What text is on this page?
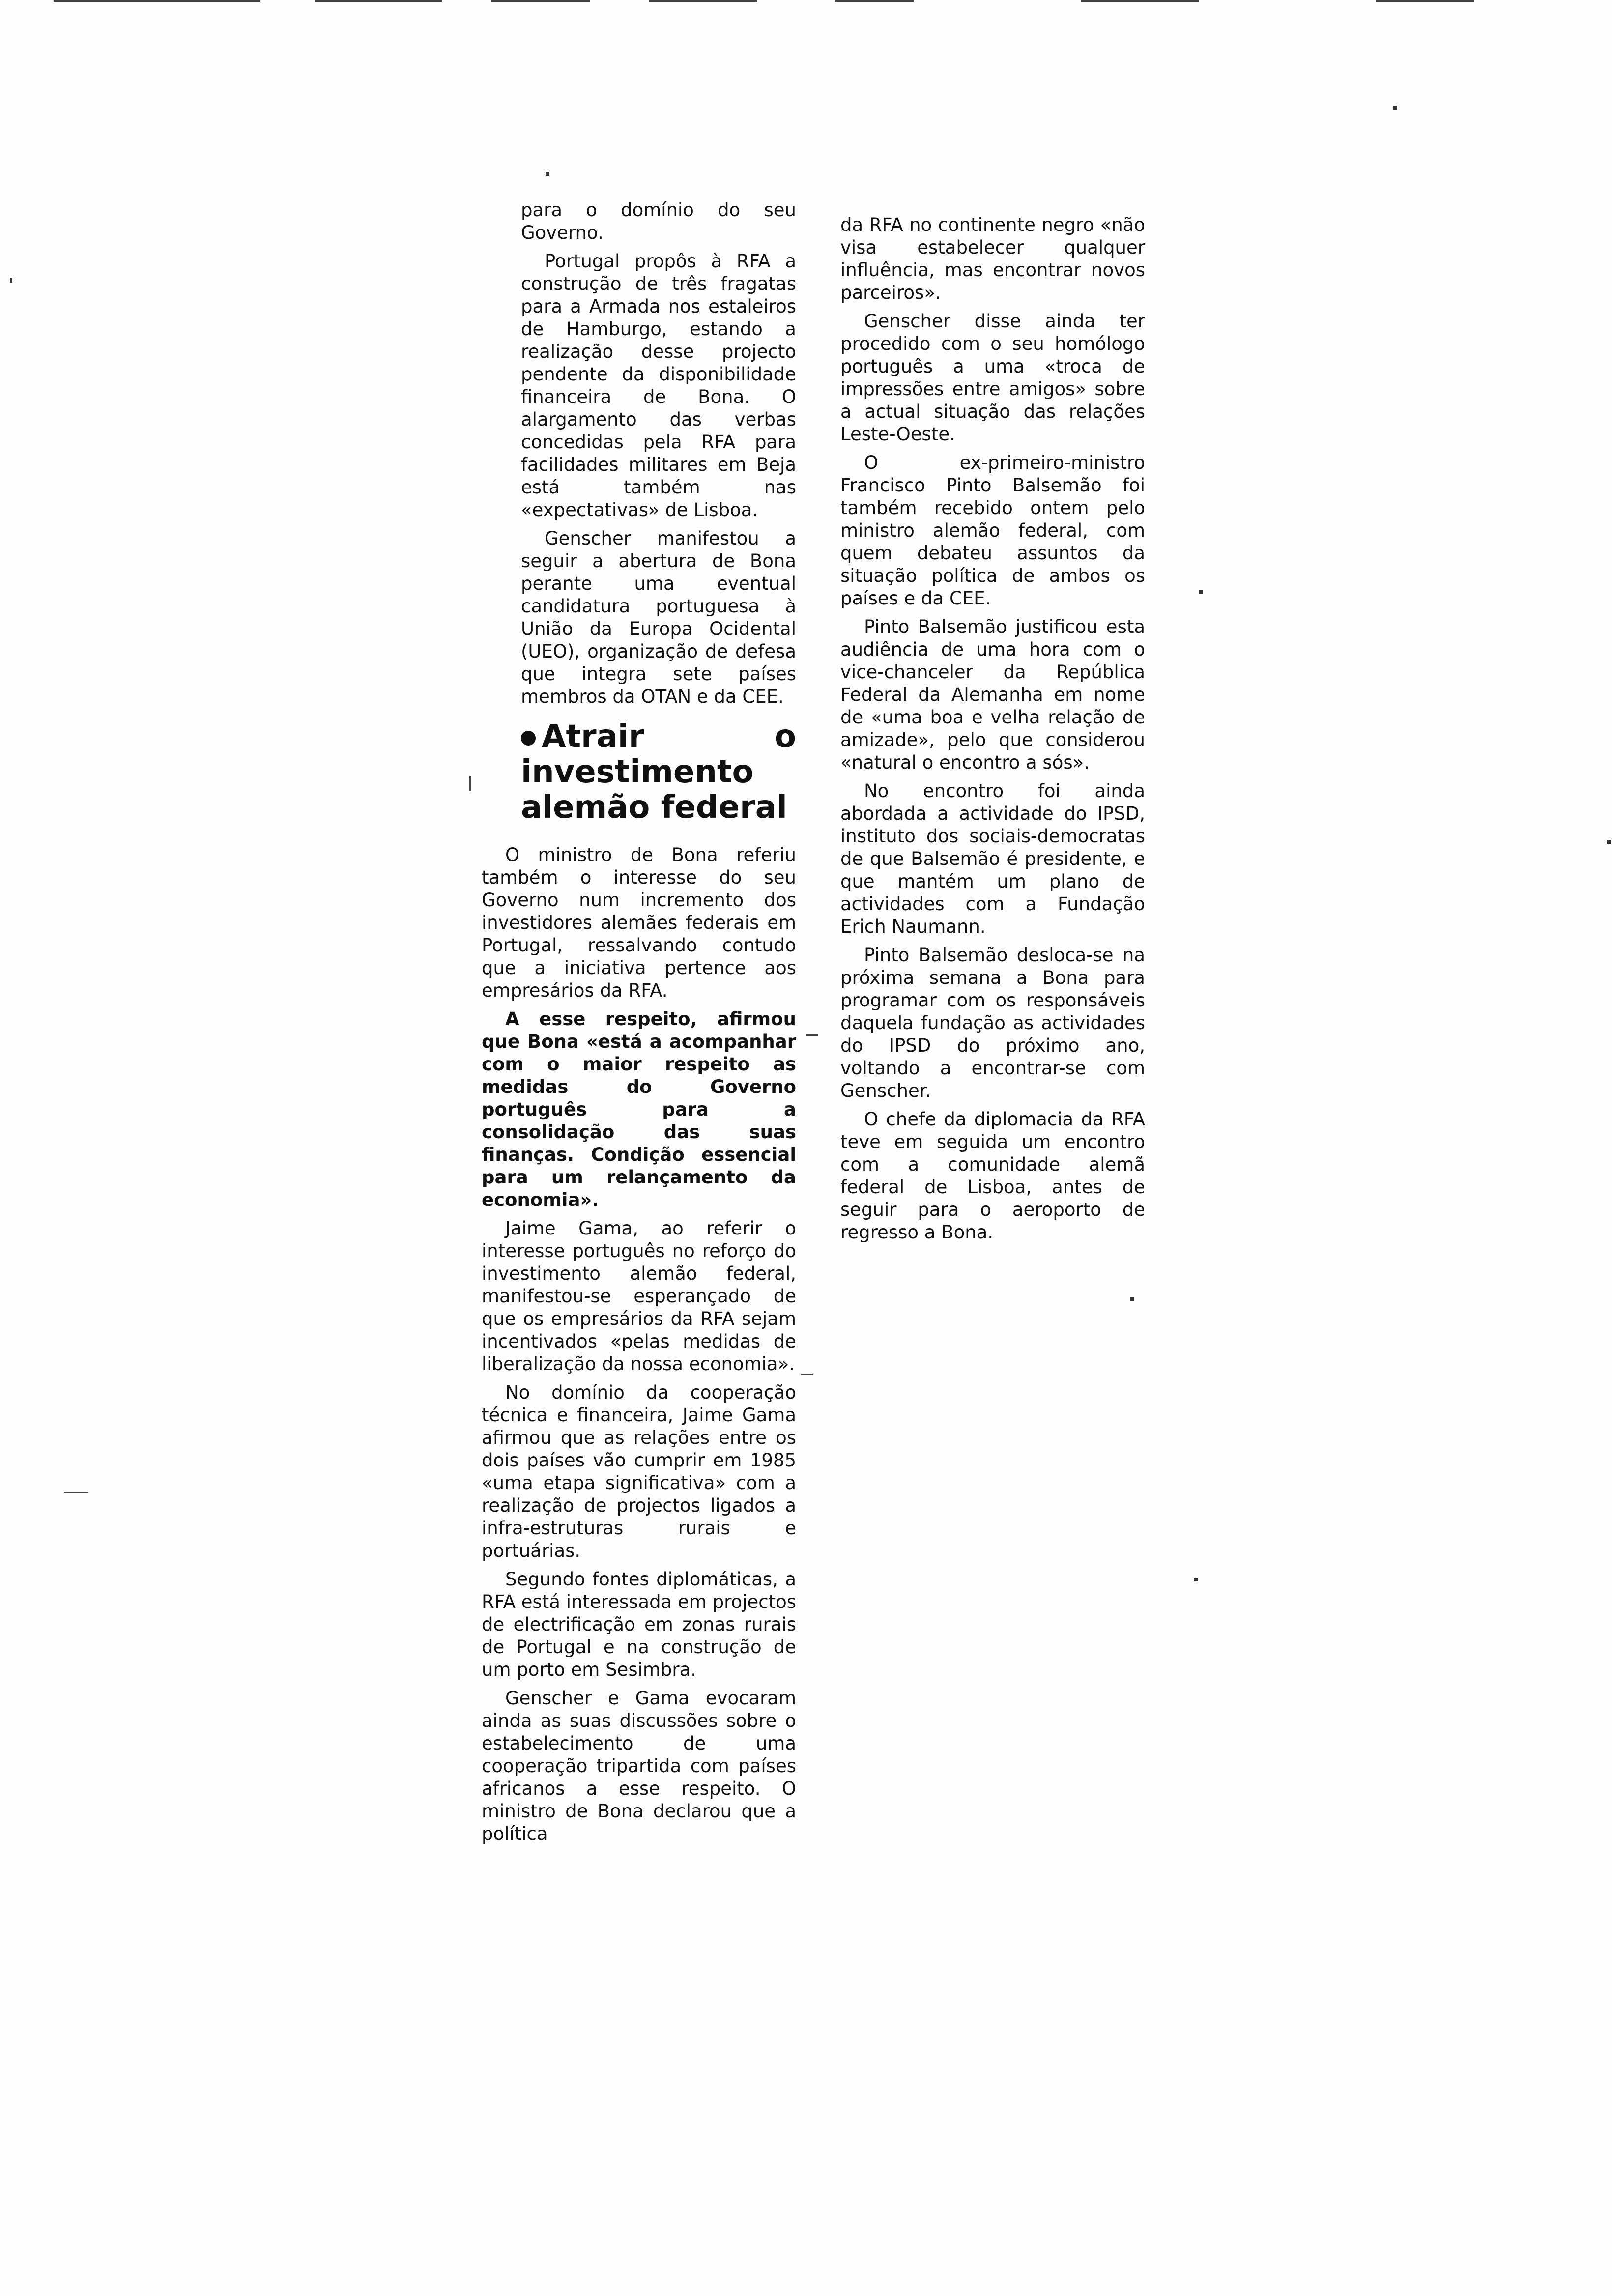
para o domínio do seu Governo.

Portugal propôs à RFA a construção de três fragatas para a Armada nos estaleiros de Hamburgo, estando a realização desse projecto pendente da disponibilidade financeira de Bona. O alargamento das verbas concedidas pela RFA para facilidades militares em Beja está também nas «expectativas» de Lisboa.

Genscher manifestou a seguir a abertura de Bona perante uma eventual candidatura portuguesa à União da Europa Ocidental (UEO), organização de defesa que integra sete países membros da OTAN e da CEE.

Atrair o investimento alemão federal

O ministro de Bona referiu também o interesse do seu Governo num incremento dos investidores alemães federais em Portugal, ressalvando contudo que a iniciativa pertence aos empresários da RFA.

A esse respeito, afirmou que Bona «está a acompanhar com o maior respeito as medidas do Governo português para a consolidação das suas finanças. Condição essencial para um relançamento da economia».

Jaime Gama, ao referir o interesse português no reforço do investimento alemão federal, manifestou-se esperançado de que os empresários da RFA sejam incentivados «pelas medidas de liberalização da nossa economia».

No domínio da cooperação técnica e financeira, Jaime Gama afirmou que as relações entre os dois países vão cumprir em 1985 «uma etapa significativa» com a realização de projectos ligados a infra-estruturas rurais e portuárias.

Segundo fontes diplomáticas, a RFA está interessada em projectos de electrificação em zonas rurais de Portugal e na construção de um porto em Sesimbra.

Genscher e Gama evocaram ainda as suas discussões sobre o estabelecimento de uma cooperação tripartida com países africanos a esse respeito. O ministro de Bona declarou que a política

da RFA no continente negro «não visa estabelecer qualquer influência, mas encontrar novos parceiros».

Genscher disse ainda ter procedido com o seu homólogo português a uma «troca de impressões entre amigos» sobre a actual situação das relações Leste-Oeste.

O ex-primeiro-ministro Francisco Pinto Balsemão foi também recebido ontem pelo ministro alemão federal, com quem debateu assuntos da situação política de ambos os países e da CEE.

Pinto Balsemão justificou esta audiência de uma hora com o vice-chanceler da República Federal da Alemanha em nome de «uma boa e velha relação de amizade», pelo que considerou «natural o encontro a sós».

No encontro foi ainda abordada a actividade do IPSD, instituto dos sociais-democratas de que Balsemão é presidente, e que mantém um plano de actividades com a Fundação Erich Naumann.

Pinto Balsemão desloca-se na próxima semana a Bona para programar com os responsáveis daquela fundação as actividades do IPSD do próximo ano, voltando a encontrar-se com Genscher.

O chefe da diplomacia da RFA teve em seguida um encontro com a comunidade alemã federal de Lisboa, antes de seguir para o aeroporto de regresso a Bona.
